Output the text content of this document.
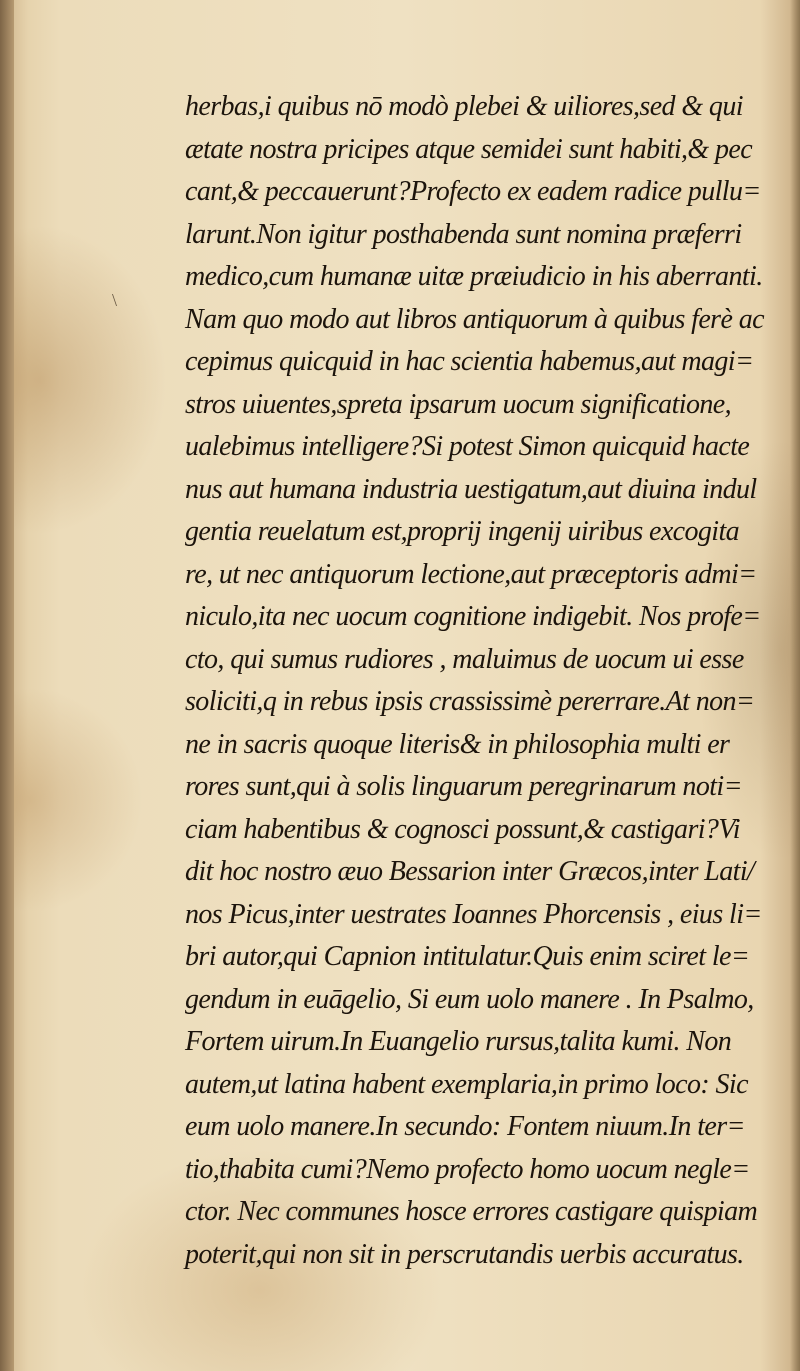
\
herbas,i quibus nō modò plebei & uiliores,sed & qui
ætate nostra pricipes atque semidei sunt habiti,& pec
cant,& peccauerunt?Profecto ex eadem radice pullu=
larunt.Non igitur posthabenda sunt nomina præferri
medico,cum humanæ uitæ præiudicio in his aberranti.
Nam quo modo aut libros antiquorum à quibus ferè ac
cepimus quicquid in hac scientia habemus,aut magi=
stros uiuentes,spreta ipsarum uocum significatione,
ualebimus intelligere?Si potest Simon quicquid hacte
nus aut humana industria uestigatum,aut diuina indul
gentia reuelatum est,proprij ingenij uiribus excogita
re, ut nec antiquorum lectione,aut præceptoris admi=
niculo,ita nec uocum cognitione indigebit. Nos profe=
cto, qui sumus rudiores , maluimus de uocum ui esse
soliciti,q in rebus ipsis crassissimè pererrare.At non=
ne in sacris quoque literis& in philosophia multi er
rores sunt,qui à solis linguarum peregrinarum noti=
ciam habentibus & cognosci possunt,& castigari?Vi
dit hoc nostro æuo Bessarion inter Græcos,inter Lati/
nos Picus,inter uestrates Ioannes Phorcensis , eius li=
bri autor,qui Capnion intitulatur.Quis enim sciret le=
gendum in euāgelio, Si eum uolo manere . In Psalmo,
Fortem uirum.In Euangelio rursus,talita kumi. Non
autem,ut latina habent exemplaria,in primo loco: Sic
eum uolo manere.In secundo: Fontem niuum.In ter=
tio,thabita cumi?Nemo profecto homo uocum negle=
ctor. Nec communes hosce errores castigare quispiam
poterit,qui non sit in perscrutandis uerbis accuratus.
